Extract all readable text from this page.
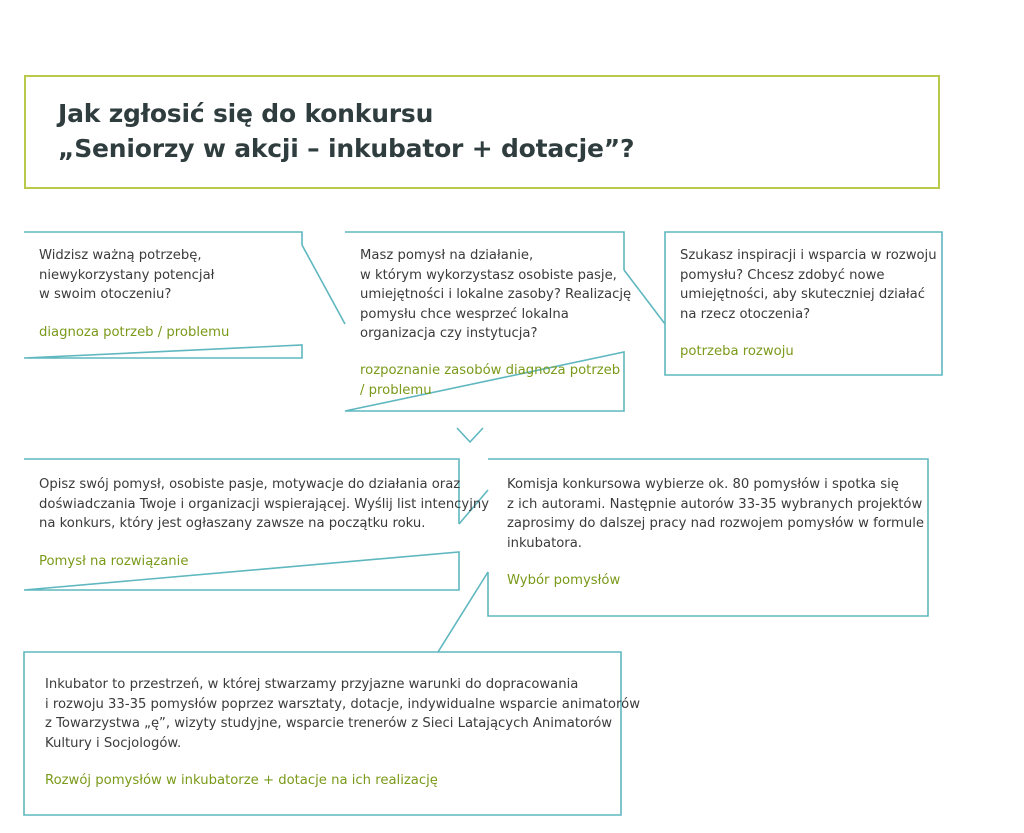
Jak zgłosić się do konkursu
„Seniorzy w akcji – inkubator + dotacje”?
Widzisz ważną potrzebę,
niewykorzystany potencjał
w swoim otoczeniu?
diagnoza potrzeb / problemu
Masz pomysł na działanie,
w którym wykorzystasz osobiste pasje,
umiejętności i lokalne zasoby? Realizację
pomysłu chce wesprzeć lokalna
organizacja czy instytucja?
rozpoznanie zasobów diagnoza potrzeb
/ problemu
Szukasz inspiracji i wsparcia w rozwoju
pomysłu? Chcesz zdobyć nowe
umiejętności, aby skuteczniej działać
na rzecz otoczenia?
potrzeba rozwoju
Opisz swój pomysł, osobiste pasje, motywacje do działania oraz
doświadczania Twoje i organizacji wspierającej. Wyślij list intencyjny
na konkurs, który jest ogłaszany zawsze na początku roku.
Pomysł na rozwiązanie
Komisja konkursowa wybierze ok. 80 pomysłów i spotka się
z ich autorami. Następnie autorów 33-35 wybranych projektów
zaprosimy do dalszej pracy nad rozwojem pomysłów w formule
inkubatora.
Wybór pomysłów
Inkubator to przestrzeń, w której stwarzamy przyjazne warunki do dopracowania
i rozwoju 33-35 pomysłów poprzez warsztaty, dotacje, indywidualne wsparcie animatorów
z Towarzystwa „ę”, wizyty studyjne, wsparcie trenerów z Sieci Latających Animatorów
Kultury i Socjologów.
Rozwój pomysłów w inkubatorze + dotacje na ich realizację
